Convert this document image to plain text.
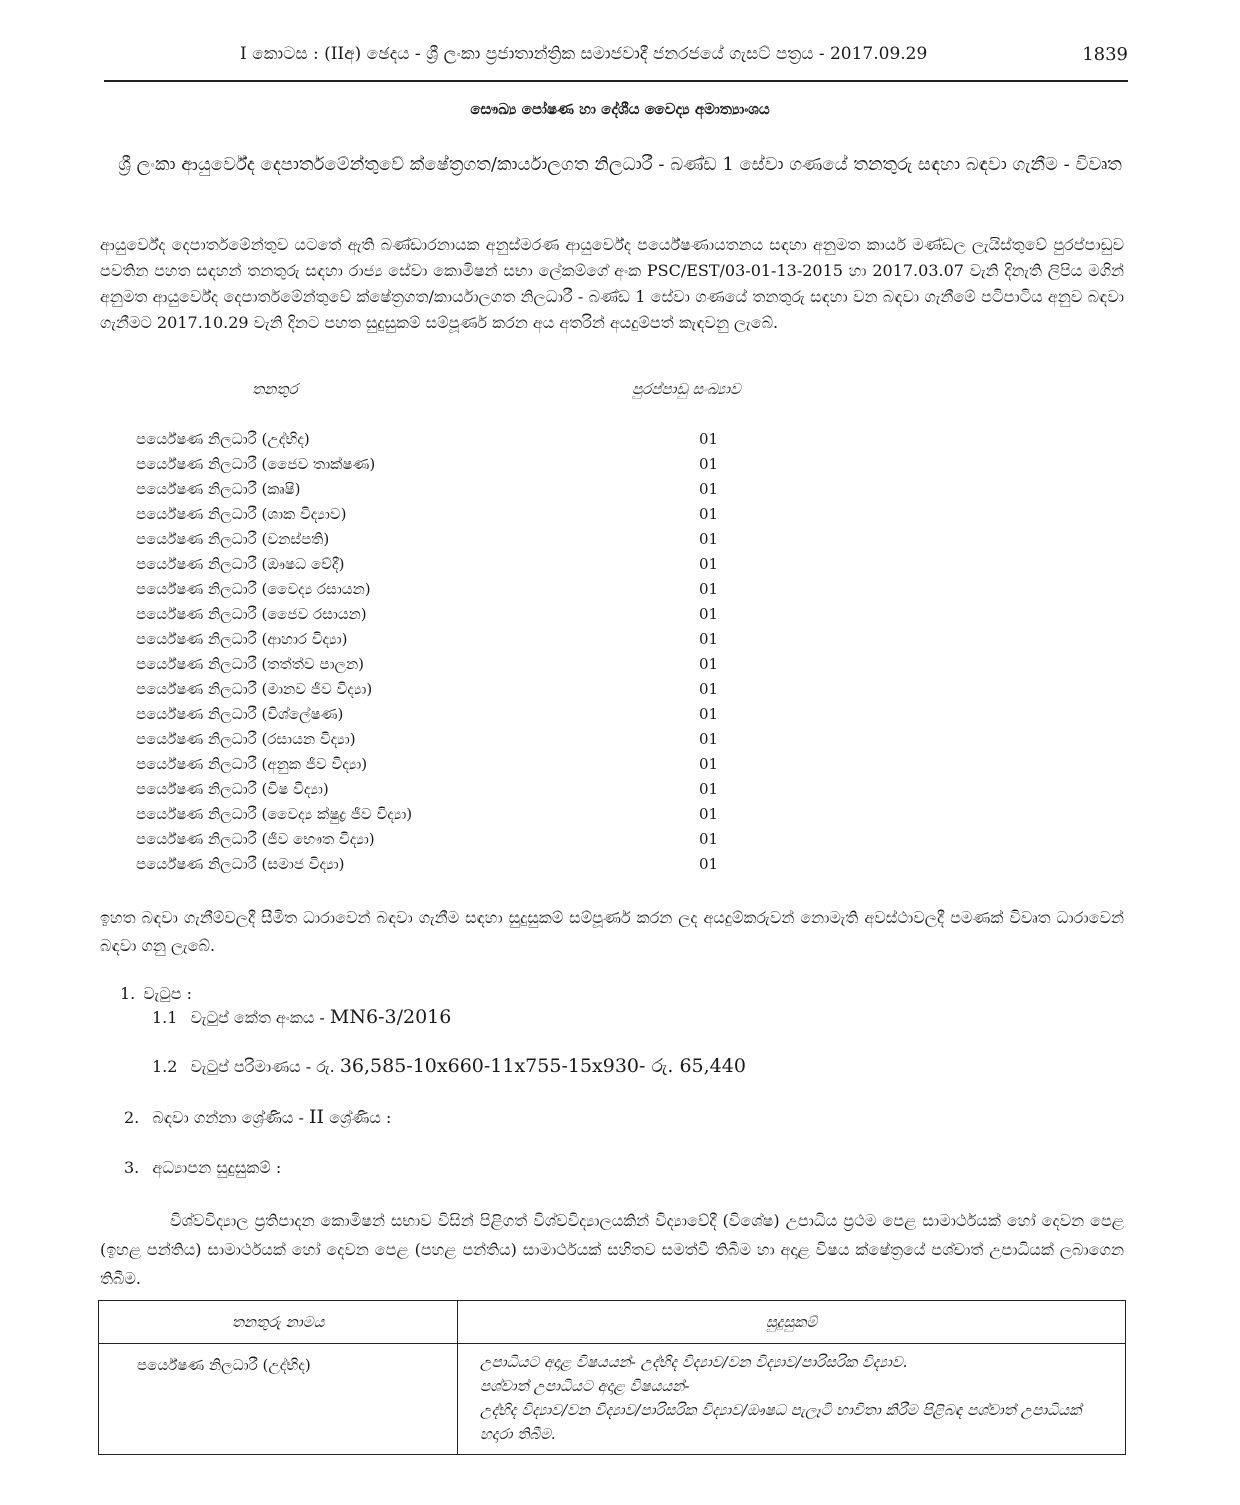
I කොටස : (IIඅ) ඡෙදය - ශ්‍රී ලංකා ප්‍රජාතාන්ත්‍රික සමාජවාදී ජනරජයේ ගැසට් පත්‍රය - 2017.09.29	1839
සෞඛ්‍ය පෝෂණ හා දේශීය වෛද්‍ය අමාත්‍යාංශය
ශ්‍රී ලංකා ආයුර්වේද දෙපාර්තමේන්තුවේ ක්ෂේත්‍රගත/කාර්යාලගත නිලධාරී - බණ්ඩ 1 සේවා ගණයේ තනතුරු සඳහා බඳවා ගැනීම - විවෘත

ආයුර්වේද දෙපාර්තමේන්තුව යටතේ ඇති බණ්ඩාරනායක අනුස්මරණ ආයුර්වේද පර්යේෂණායතනය සඳහා අනුමත කාර්ය මණ්ඩල ලැයිස්තුවේ පුරප්පාඩුව පවතින පහත සඳහන් තනතුරු සඳහා රාජ්‍ය සේවා කොමිෂන් සභා ලේකම්ගේ අංක PSC/EST/03-01-13-2015 හා 2017.03.07 වැනි දිනැති ලිපිය මගින් අනුමත ආයුර්වේද දෙපාර්තමේන්තුවේ ක්ෂේත්‍රගත/කාර්යාලගත නිලධාරී - බණ්ඩ 1 සේවා ගණයේ තනතුරු සඳහා වන බඳවා ගැනීමේ පටිපාටිය අනුව බඳවා ගැනීමට 2017.10.29 වැනි දිනට පහත සුදුසුකම් සම්පූර්ණ කරන අය අතරින් අයදුම්පත් කැඳවනු ලැබේ.

තනතුර	පුරප්පාඩු සංඛ්‍යාව
පර්යේෂණ නිලධාරී (උද්භිද)	01
පර්යේෂණ නිලධාරී (ජෛව තාක්ෂණ)	01
පර්යේෂණ නිලධාරී (කෘෂි)	01
පර්යේෂණ නිලධාරී (ශාක විද්‍යාව)	01
පර්යේෂණ නිලධාරී (වනස්පති)	01
පර්යේෂණ නිලධාරී (ඖෂධ වේදී)	01
පර්යේෂණ නිලධාරී (වෛද්‍ය රසායන)	01
පර්යේෂණ නිලධාරී (ජෛව රසායන)	01
පර්යේෂණ නිලධාරී (ආහාර විද්‍යා)	01
පර්යේෂණ නිලධාරී (තත්ත්ව පාලන)	01
පර්යේෂණ නිලධාරී (මානව ජීව විද්‍යා)	01
පර්යේෂණ නිලධාරී (විශ්ලේෂණ)	01
පර්යේෂණ නිලධාරී (රසායන විද්‍යා)	01
පර්යේෂණ නිලධාරී (අනුක ජීව විද්‍යා)	01
පර්යේෂණ නිලධාරී (විෂ විද්‍යා)	01
පර්යේෂණ නිලධාරී (වෛද්‍ය ක්ෂුද්‍ර ජීව විද්‍යා)	01
පර්යේෂණ නිලධාරී (ජීව භෞත විද්‍යා)	01
පර්යේෂණ නිලධාරී (සමාජ විද්‍යා)	01

ඉහත බඳවා ගැනීම්වලදී සීමිත ධාරාවෙන් බඳවා ගැනීම සඳහා සුදුසුකම් සම්පූර්ණ කරන ලද අයදුම්කරුවන් නොමැති අවස්ථාවලදී පමණක් විවෘත ධාරාවෙන් බඳවා ගනු ලැබේ.

1. වැටුප :
1.1 වැටුප් කේත අංකය - MN6-3/2016
1.2 වැටුප් පරිමාණය - රු. 36,585-10x660-11x755-15x930- රු. 65,440
2. බඳවා ගන්නා ශ්‍රේණිය - II ශ්‍රේණිය :
3. අධ්‍යාපන සුදුසුකම් :

විශ්වවිද්‍යාල ප්‍රතිපාදන කොමිෂන් සභාව විසින් පිළිගත් විශ්වවිද්‍යාලයකින් විද්‍යාවේදී (විශේෂ) උපාධිය ප්‍රථම පෙළ සාමාර්ථයක් හෝ දෙවන පෙළ (ඉහළ පන්තිය) සාමාර්ථයක් හෝ දෙවන පෙළ (පහළ පන්තිය) සාමාර්ථයක් සහිතව සමත්වී තිබීම හා අදාළ විෂය ක්ෂේත්‍රයේ පශ්චාත් උපාධියක් ලබාගෙන තිබීම.

තනතුරු නාමය	සුදුසුකම්
පර්යේෂණ නිලධාරී (උද්භිද)	උපාධියට අදාළ විෂයයන්- උද්භිද විද්‍යාව/වන විද්‍යාව/පාරිසරික විද්‍යාව.
පශ්චාත් උපාධියට අදාළ විෂයයන්-
උද්භිද විද්‍යාව/වන විද්‍යාව/පාරිසරික විද්‍යාව/ඖෂධ පැලෑටි භාවිතා කිරීම පිළිබඳ පශ්චාත් උපාධියක් හදාරා තිබීම.
